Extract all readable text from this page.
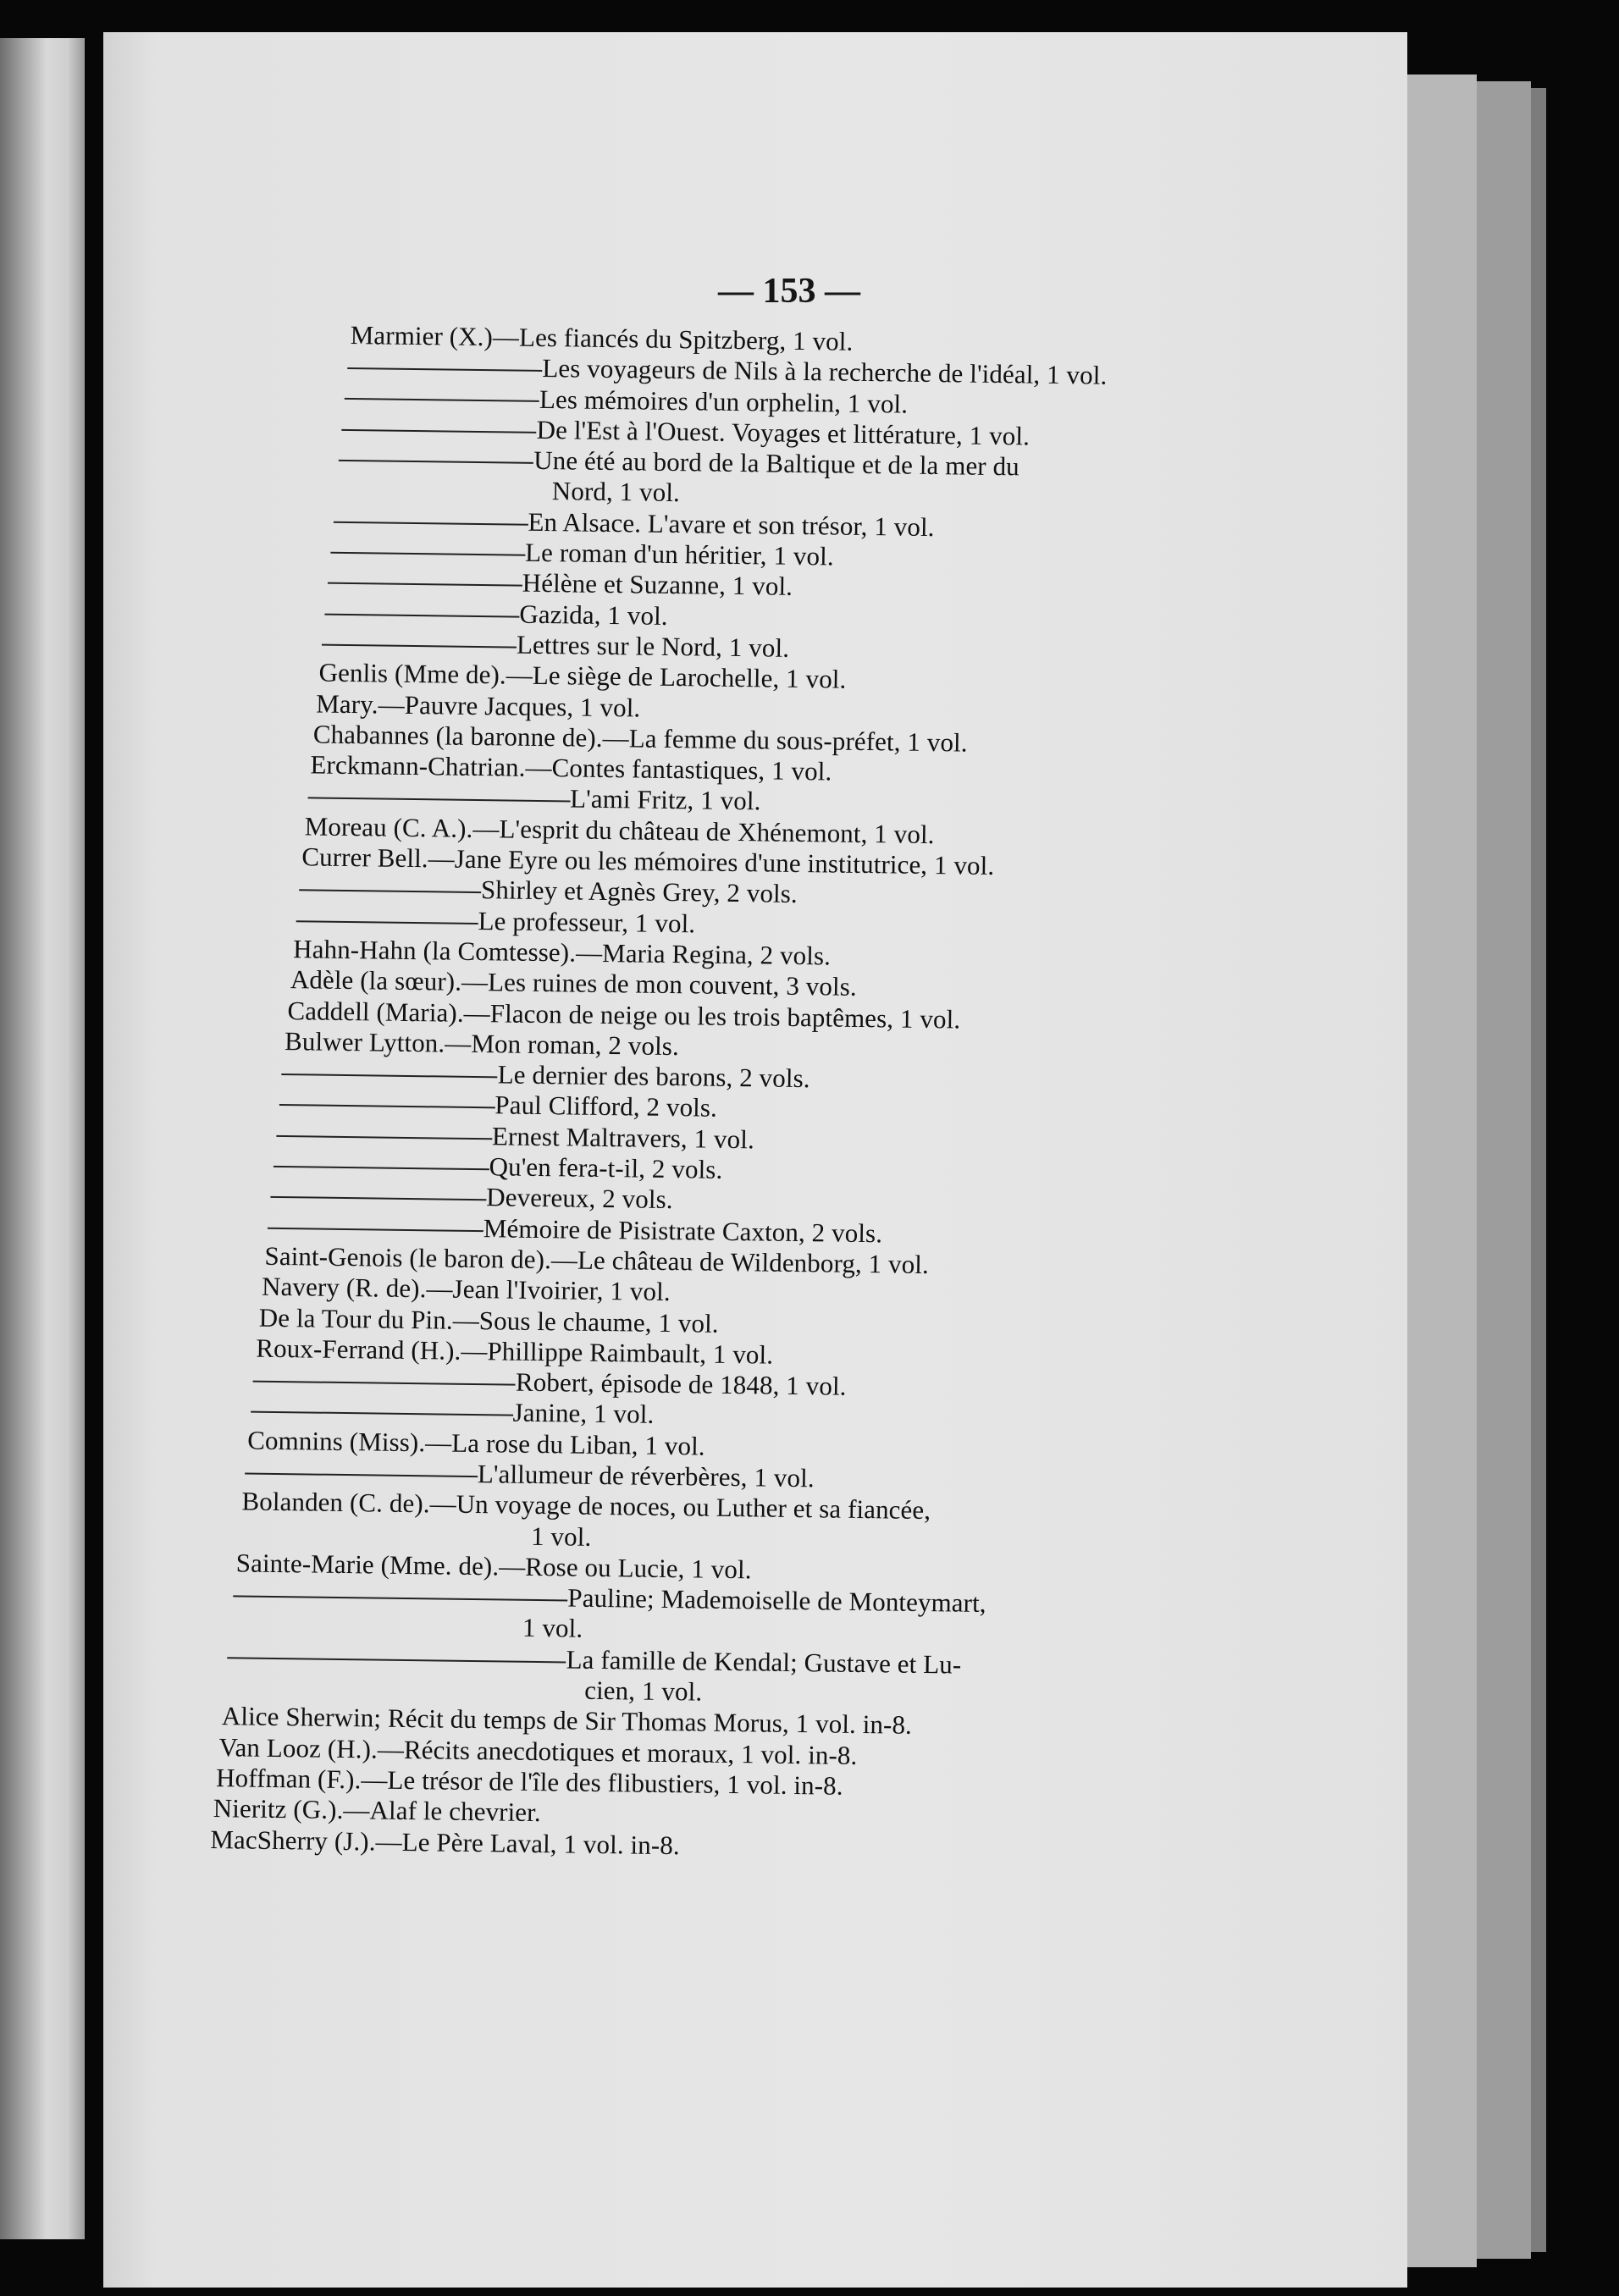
— 153 —
Marmier (X.)—Les fiancés du Spitzberg, 1 vol.
Les voyageurs de Nils à la recherche de l'idéal, 1 vol.
Les mémoires d'un orphelin, 1 vol.
De l'Est à l'Ouest. Voyages et littérature, 1 vol.
Une été au bord de la Baltique et de la mer du
Nord, 1 vol.
En Alsace. L'avare et son trésor, 1 vol.
Le roman d'un héritier, 1 vol.
Hélène et Suzanne, 1 vol.
Gazida, 1 vol.
Lettres sur le Nord, 1 vol.
Genlis (Mme de).—Le siège de Larochelle, 1 vol.
Mary.—Pauvre Jacques, 1 vol.
Chabannes (la baronne de).—La femme du sous-préfet, 1 vol.
Erckmann-Chatrian.—Contes fantastiques, 1 vol.
L'ami Fritz, 1 vol.
Moreau (C. A.).—L'esprit du château de Xhénemont, 1 vol.
Currer Bell.—Jane Eyre ou les mémoires d'une institutrice, 1 vol.
Shirley et Agnès Grey, 2 vols.
Le professeur, 1 vol.
Hahn-Hahn (la Comtesse).—Maria Regina, 2 vols.
Adèle (la sœur).—Les ruines de mon couvent, 3 vols.
Caddell (Maria).—Flacon de neige ou les trois baptêmes, 1 vol.
Bulwer Lytton.—Mon roman, 2 vols.
Le dernier des barons, 2 vols.
Paul Clifford, 2 vols.
Ernest Maltravers, 1 vol.
Qu'en fera-t-il, 2 vols.
Devereux, 2 vols.
Mémoire de Pisistrate Caxton, 2 vols.
Saint-Genois (le baron de).—Le château de Wildenborg, 1 vol.
Navery (R. de).—Jean l'Ivoirier, 1 vol.
De la Tour du Pin.—Sous le chaume, 1 vol.
Roux-Ferrand (H.).—Phillippe Raimbault, 1 vol.
Robert, épisode de 1848, 1 vol.
Janine, 1 vol.
Comnins (Miss).—La rose du Liban, 1 vol.
L'allumeur de réverbères, 1 vol.
Bolanden (C. de).—Un voyage de noces, ou Luther et sa fiancée,
1 vol.
Sainte-Marie (Mme. de).—Rose ou Lucie, 1 vol.
Pauline; Mademoiselle de Monteymart,
1 vol.
La famille de Kendal; Gustave et Lu-
cien, 1 vol.
Alice Sherwin; Récit du temps de Sir Thomas Morus, 1 vol. in-8.
Van Looz (H.).—Récits anecdotiques et moraux, 1 vol. in-8.
Hoffman (F.).—Le trésor de l'île des flibustiers, 1 vol. in-8.
Nieritz (G.).—Alaf le chevrier.
MacSherry (J.).—Le Père Laval, 1 vol. in-8.
